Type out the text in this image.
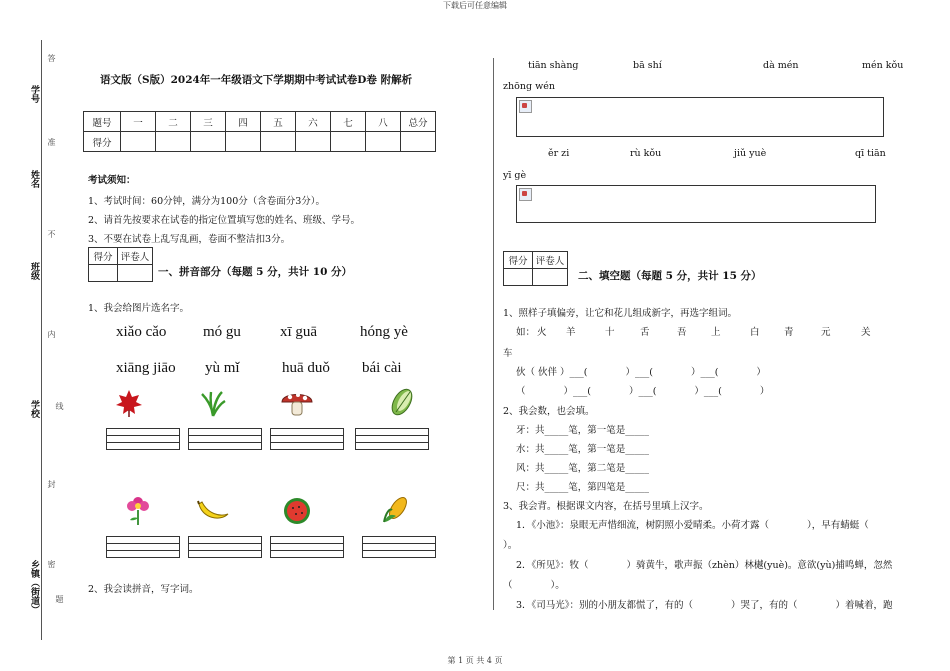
下载后可任意编辑
第 1 页 共 4 页
答
准
不
内
线
封
密
题
学号
姓名
班级
学校
乡镇（街道）
语文版（S版）2024年一年级语文下学期期中考试试卷D卷 附解析
题号	一	二	三	四	五	六	七	八	总分
得分									
考试须知：
1、考试时间：60分钟，满分为100分（含卷面分3分）。
2、请首先按要求在试卷的指定位置填写您的姓名、班级、学号。
3、不要在试卷上乱写乱画，卷面不整洁扣3分。
得分 评卷人
一、拼音部分（每题 5 分，共计 10 分）
1、我会给图片选名字。
xiǎo cǎo mó gu	xī guā	hóng yè
xiāng jiāo yù mǐ	huā duǒ bái cài
2、我会读拼音，写字词。
tiān shàng	bā shí	dà mén	mén kǒu
zhōng wén
ěr zi	rù kǒu	jiǔ yuè	qī tiān
yī gè
得分 评卷人
二、填空题（每题 5 分，共计 15 分）
1、照样子填偏旁，让它和花儿组成新字，再选字组词。
如： 火 羊	十	舌	吾	上	白	青	元	关
车
伙（ 伙伴 ）___(　　　　）___(　　　　）___(　　　　）
（　　　　）___(　　　　）___(　　　　）___(　　　　）
2、我会数，也会填。
牙：共_____笔，第一笔是_____
水：共_____笔，第一笔是_____
风：共_____笔，第二笔是_____
尺：共_____笔，第四笔是_____
3、我会背。根据课文内容，在括号里填上汉字。
1．《小池》：泉眼无声惜细流，树阴照小爱晴柔。小荷才露（　　　　），早有蜻蜓（
）。
2．《所见》：牧（　　　　）骑黄牛，歌声振（zhèn）林樾(yuè)。意欲(yù)捕鸣蝉，忽然
（　　　　）。
3．《司马光》：别的小朋友都慌了，有的（　　　　）哭了，有的（　　　　）着喊着，跑
